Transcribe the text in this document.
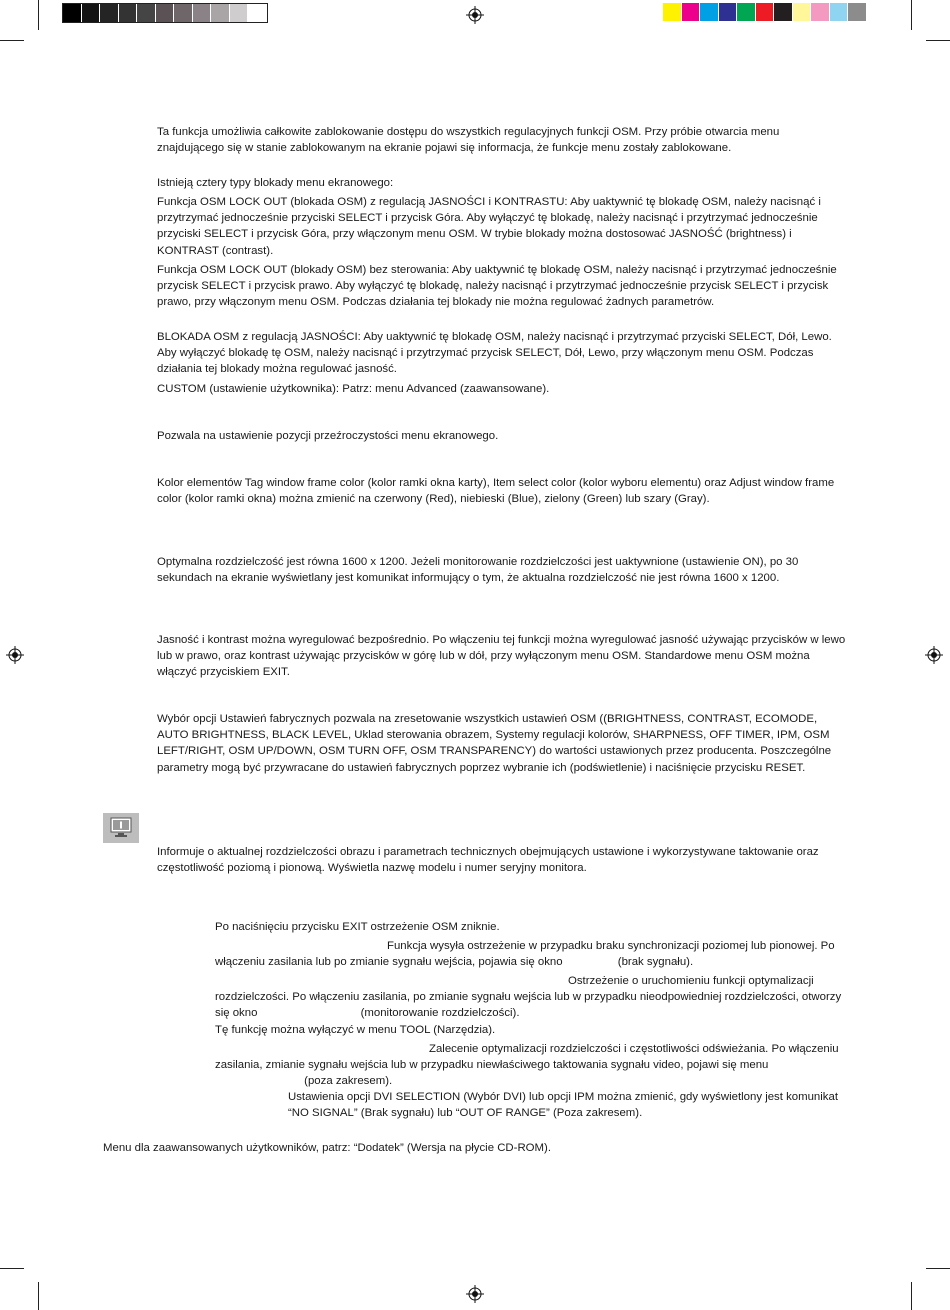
Ta funkcja umożliwia całkowite zablokowanie dostępu do wszystkich regulacyjnych funkcji OSM. Przy próbie otwarcia menu znajdującego się w stanie zablokowanym na ekranie pojawi się informacja, że funkcje menu zostały zablokowane.

Istnieją cztery typy blokady menu ekranowego:

Funkcja OSM LOCK OUT (blokada OSM) z regulacją JASNOŚCI i KONTRASTU: Aby uaktywnić tę blokadę OSM, należy nacisnąć i przytrzymać jednocześnie przyciski SELECT i przycisk Góra. Aby wyłączyć tę blokadę, należy nacisnąć i przytrzymać jednocześnie przyciski SELECT i przycisk Góra, przy włączonym menu OSM. W trybie blokady można dostosować JASNOŚĆ (brightness) i KONTRAST (contrast).

Funkcja OSM LOCK OUT (blokady OSM) bez sterowania: Aby uaktywnić tę blokadę OSM, należy nacisnąć i przytrzymać jednocześnie przycisk SELECT i przycisk prawo. Aby wyłączyć tę blokadę, należy nacisnąć i przytrzymać jednocześnie przycisk SELECT i przycisk prawo, przy włączonym menu OSM. Podczas działania tej blokady nie można regulować żadnych parametrów.

BLOKADA OSM z regulacją JASNOŚCI: Aby uaktywnić tę blokadę OSM, należy nacisnąć i przytrzymać przyciski SELECT, Dół, Lewo. Aby wyłączyć blokadę tę OSM, należy nacisnąć i przytrzymać przycisk SELECT, Dół, Lewo, przy włączonym menu OSM. Podczas działania tej blokady można regulować jasność.

CUSTOM (ustawienie użytkownika): Patrz: menu Advanced (zaawansowane).

Pozwala na ustawienie pozycji przeźroczystości menu ekranowego.

Kolor elementów Tag window frame color (kolor ramki okna karty), Item select color (kolor wyboru elementu) oraz Adjust window frame color (kolor ramki okna) można zmienić na czerwony (Red), niebieski (Blue), zielony (Green) lub szary (Gray).

Optymalna rozdzielczość jest równa 1600 x 1200. Jeżeli monitorowanie rozdzielczości jest uaktywnione (ustawienie ON), po 30 sekundach na ekranie wyświetlany jest komunikat informujący o tym, że aktualna rozdzielczość nie jest równa 1600 x 1200.

Jasność i kontrast można wyregulować bezpośrednio. Po włączeniu tej funkcji można wyregulować jasność używając przycisków w lewo lub w prawo, oraz kontrast używając przycisków w górę lub w dół, przy wyłączonym menu OSM. Standardowe menu OSM można włączyć przyciskiem EXIT.

Wybór opcji Ustawień fabrycznych pozwala na zresetowanie wszystkich ustawień OSM ((BRIGHTNESS, CONTRAST, ECOMODE, AUTO BRIGHTNESS, BLACK LEVEL, Uklad sterowania obrazem, Systemy regulacji kolorów, SHARPNESS, OFF TIMER, IPM, OSM LEFT/RIGHT, OSM UP/DOWN, OSM TURN OFF, OSM TRANSPARENCY) do wartości ustawionych przez producenta. Poszczególne parametry mogą być przywracane do ustawień fabrycznych poprzez wybranie ich (podświetlenie) i naciśnięcie przycisku RESET.

Informuje o aktualnej rozdzielczości obrazu i parametrach technicznych obejmujących ustawione i wykorzystywane taktowanie oraz częstotliwość poziomą i pionową. Wyświetla nazwę modelu i numer seryjny monitora.

Po naciśnięciu przycisku EXIT ostrzeżenie OSM zniknie.

Funkcja wysyła ostrzeżenie w przypadku braku synchronizacji poziomej lub pionowej. Po włączeniu zasilania lub po zmianie sygnału wejścia, pojawia się okno	(brak sygnału).

Ostrzeżenie o uruchomieniu funkcji optymalizacji rozdzielczości. Po włączeniu zasilania, po zmianie sygnału wejścia lub w przypadku nieodpowiedniej rozdzielczości, otworzy się okno	(monitorowanie rozdzielczości).
Tę funkcję można wyłączyć w menu TOOL (Narzędzia).

Zalecenie optymalizacji rozdzielczości i częstotliwości odświeżania. Po włączeniu zasilania, zmianie sygnału wejścia lub w przypadku niewłaściwego taktowania sygnału video, pojawi się menu (poza zakresem).

Ustawienia opcji DVI SELECTION (Wybór DVI) lub opcji IPM można zmienić, gdy wyświetlony jest komunikat “NO SIGNAL” (Brak sygnału) lub “OUT OF RANGE” (Poza zakresem).

Menu dla zaawansowanych użytkowników, patrz: “Dodatek” (Wersja na płycie CD-ROM).
